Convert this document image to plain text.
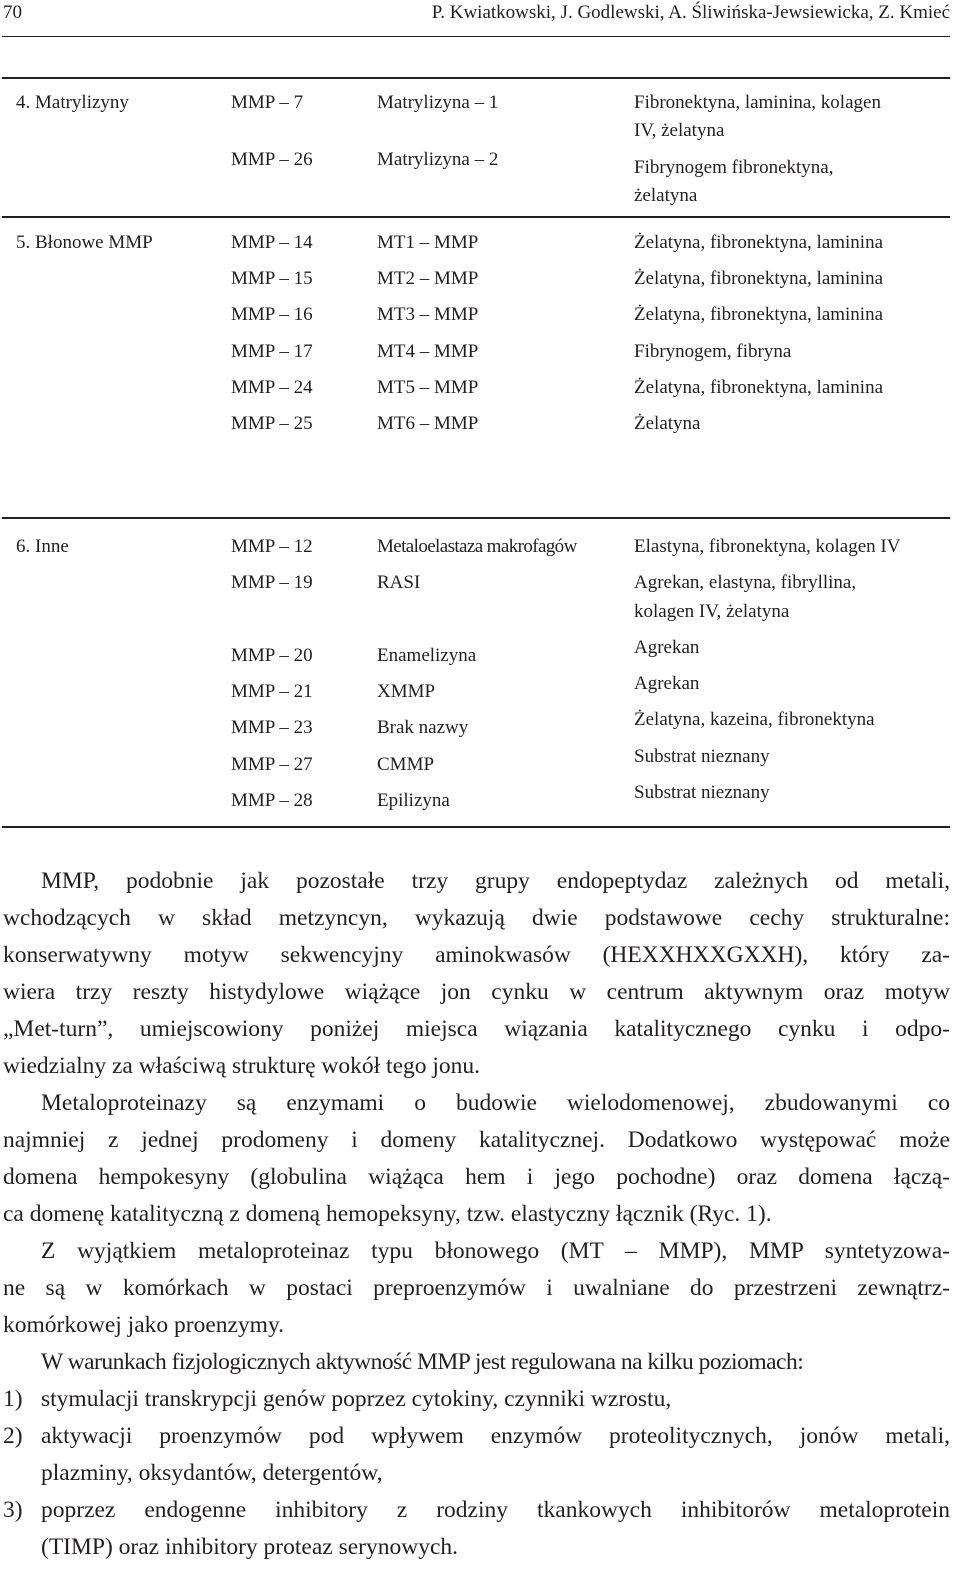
70	P. Kwiatkowski, J. Godlewski, A. Śliwińska-Jewsiewicka, Z. Kmieć
4. Matrylizyny	MMP – 7	Matrylizyna – 1	Fibronektyna, laminina, kolagen
IV, żelatyna
MMP – 26	Matrylizyna – 2	Fibrynogem fibronektyna,
żelatyna
5. Błonowe MMP	MMP – 14	MT1 – MMP	Żelatyna, fibronektyna, laminina
MMP – 15	MT2 – MMP	Żelatyna, fibronektyna, laminina
MMP – 16	MT3 – MMP	Żelatyna, fibronektyna, laminina
MMP – 17	MT4 – MMP	Fibrynogem, fibryna
MMP – 24	MT5 – MMP	Żelatyna, fibronektyna, laminina
MMP – 25	MT6 – MMP	Żelatyna
6. Inne	MMP – 12	Metaloelastaza makrofagów	Elastyna, fibronektyna, kolagen IV
MMP – 19	RASI	Agrekan, elastyna, fibryllina,
kolagen IV, żelatyna
MMP – 20	Enamelizyna	Agrekan
MMP – 21	XMMP	Agrekan
MMP – 23	Brak nazwy	Żelatyna, kazeina, fibronektyna
MMP – 27	CMMP	Substrat nieznany
MMP – 28	Epilizyna	Substrat nieznany
MMP, podobnie jak pozostałe trzy grupy endopeptydaz zależnych od metali,
wchodzących w skład metzyncyn, wykazują dwie podstawowe cechy strukturalne:
konserwatywny motyw sekwencyjny aminokwasów (HEXXHXXGXXH), który za-
wiera trzy reszty histydylowe wiążące jon cynku w centrum aktywnym oraz motyw
„Met-turn”, umiejscowiony poniżej miejsca wiązania katalitycznego cynku i odpo-
wiedzialny za właściwą strukturę wokół tego jonu.
Metaloproteinazy są enzymami o budowie wielodomenowej, zbudowanymi co
najmniej z jednej prodomeny i domeny katalitycznej. Dodatkowo występować może
domena hempokesyny (globulina wiążąca hem i jego pochodne) oraz domena łączą-
ca domenę katalityczną z domeną hemopeksyny, tzw. elastyczny łącznik (Ryc. 1).
Z wyjątkiem metaloproteinaz typu błonowego (MT – MMP), MMP syntetyzowa-
ne są w komórkach w postaci preproenzymów i uwalniane do przestrzeni zewnątrz-
komórkowej jako proenzymy.
W warunkach fizjologicznych aktywność MMP jest regulowana na kilku poziomach:
1) stymulacji transkrypcji genów poprzez cytokiny, czynniki wzrostu,
2) aktywacji proenzymów pod wpływem enzymów proteolitycznych, jonów metali,
plazminy, oksydantów, detergentów,
3) poprzez endogenne inhibitory z rodziny tkankowych inhibitorów metaloprotein
(TIMP) oraz inhibitory proteaz serynowych.
